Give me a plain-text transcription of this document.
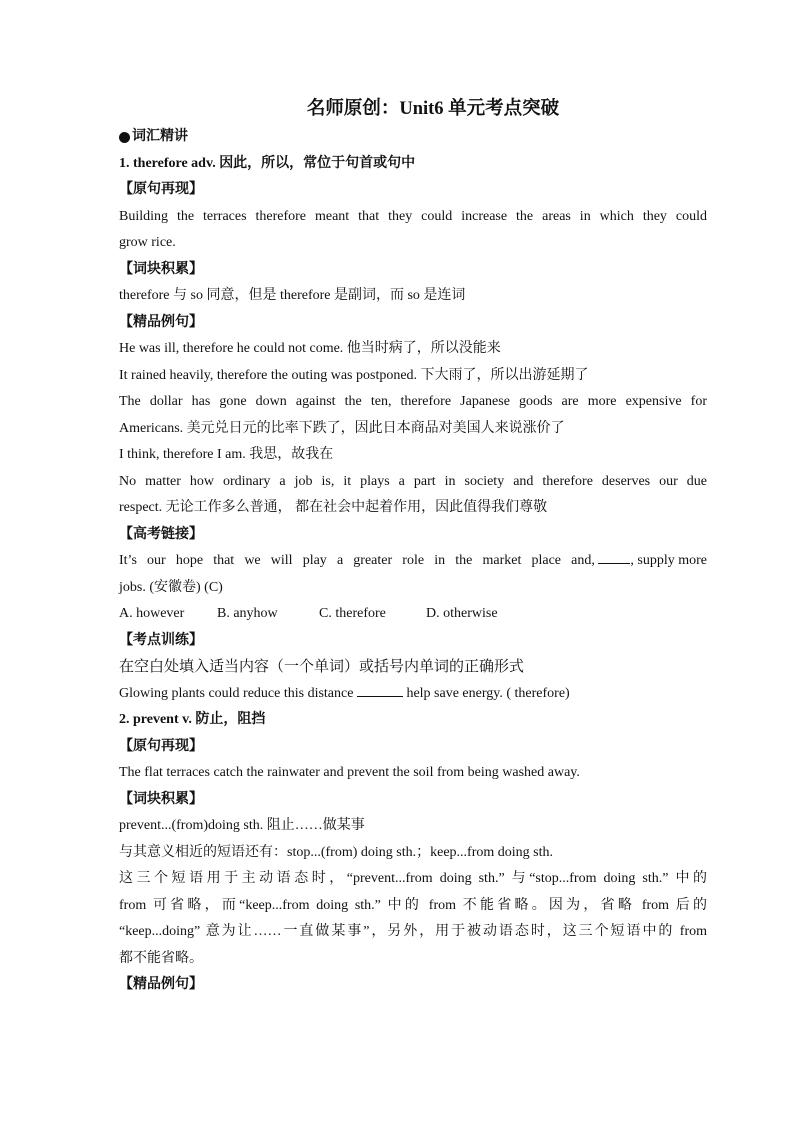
名师原创：Unit6 单元考点突破
词汇精讲
1. therefore adv. 因此，所以，常位于句首或句中
【原句再现】
Building the terraces therefore meant that they could increase the areas in which they could
grow rice.
【词块积累】
therefore 与 so 同意，但是 therefore 是副词，而 so 是连词
【精品例句】
He was ill, therefore he could not come. 他当时病了，所以没能来
It rained heavily, therefore the outing was postponed. 下大雨了，所以出游延期了
The dollar has gone down against the ten, therefore Japanese goods are more expensive for
Americans. 美元兑日元的比率下跌了，因此日本商品对美国人来说涨价了
I think, therefore I am. 我思，故我在
No matter how ordinary a job is, it plays a part in society and therefore deserves our due
respect. 无论工作多么普通， 都在社会中起着作用，因此值得我们尊敬
【高考链接】
It’s our hope that we will play a greater role in the market place and,	, supply more
jobs. (安徽卷) (C)
A. however B. anyhow	C. therefore	D. otherwise
【考点训练】
在空白处填入适当内容（一个单词）或括号内单词的正确形式
Glowing plants could reduce this distance	help save energy. ( therefore)
2. prevent v. 防止，阻挡
【原句再现】
The flat terraces catch the rainwater and prevent the soil from being washed away.
【词块积累】
prevent...(from)doing sth. 阻止……做某事
与其意义相近的短语还有：stop...(from) doing sth.；keep...from doing sth.
这三个短语用于主动语态时，“prevent...from doing sth.” 与“stop...from doing sth.” 中的
from 可省略，而“keep...from doing sth.” 中的 from 不能省略。因为，省略 from 后的
“keep...doing” 意为让……一直做某事”，另外，用于被动语态时，这三个短语中的 from
都不能省略。
【精品例句】
